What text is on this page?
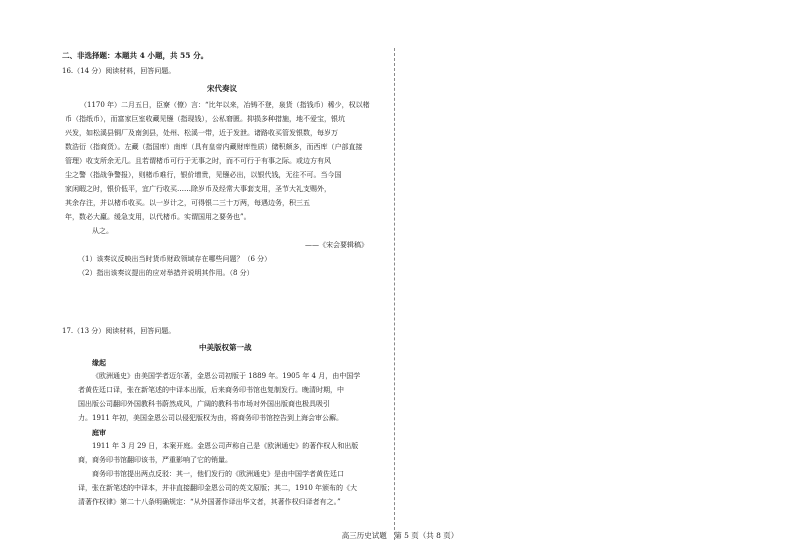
二、非选择题：本题共 4 小题，共 55 分。
16.（14 分）阅读材料，回答问题。
宋代奏议
（1170 年）二月五日，臣寮（僚）言：“比年以来，冶铸不登，泉货（指钱币）稀少，权以楮
币（指纸币），而富家巨室收藏见镪（指现钱），公私窘匮。抑损多种措施，地不爱宝，银坑
兴发，如松溪县铜厂及南剑县，处州、松溪一带，近于发泄。诸路收买管发银数，每岁万
数浩衍（指商货）。左藏（指国库）南库（具有皇帝内藏财库性质）储积颇多，而西库（户部直接
管理）收支所余无几。且若谓楮币可行于无事之时，而不可行于有事之际。或边方有风
尘之警（指战争警报），则楮币难行，银价增贵，见镪必出，以银代钱，无往不可。当今国
家闲暇之时，银价低平，宜广行收买……除岁币及经常大事套支用，圣节大礼支赐外，
其余存注，并以楮币收买。以一岁计之，可得银二三十万两，每遇边务，积三五
年，数必大羸。缓急支用，以代楮币。实谓国用之要务也”。
从之。
——《宋会要辑稿》
（1）该奏议反映出当时货币财政领域存在哪些问题？（6 分）
（2）指出该奏议提出的应对举措并说明其作用。（8 分）
17.（13 分）阅读材料，回答问题。
中美版权第一战
缘起
《欧洲通史》由美国学者迈尔著，金恩公司初版于 1889 年。1905 年 4 月，由中国学
者黄佐廷口译，张在新笔述的中译本出版，后来商务印书馆也复制发行。晚清时期，中
国出版公司翻印外国教科书蔚然成风，广阔的教科书市场对外国出版商也极具吸引
力。1911 年初，美国金恩公司以侵犯版权为由，将商务印书馆控告到上海会审公廨。
庭审
1911 年 3 月 29 日，本案开庭。金恩公司声称自己是《欧洲通史》的著作权人和出版
商，商务印书馆翻印该书，严重影响了它的销量。
商务印书馆提出两点反驳：其一，他们发行的《欧洲通史》是由中国学者黄佐廷口
译，张在新笔述的中译本，并非直接翻印金恩公司的英文原版；其二，1910 年颁布的《大
清著作权律》第二十八条明确规定：“从外国著作译出华文者，其著作权归译者有之。”
高三历史试题　第 5 页（共 8 页）
